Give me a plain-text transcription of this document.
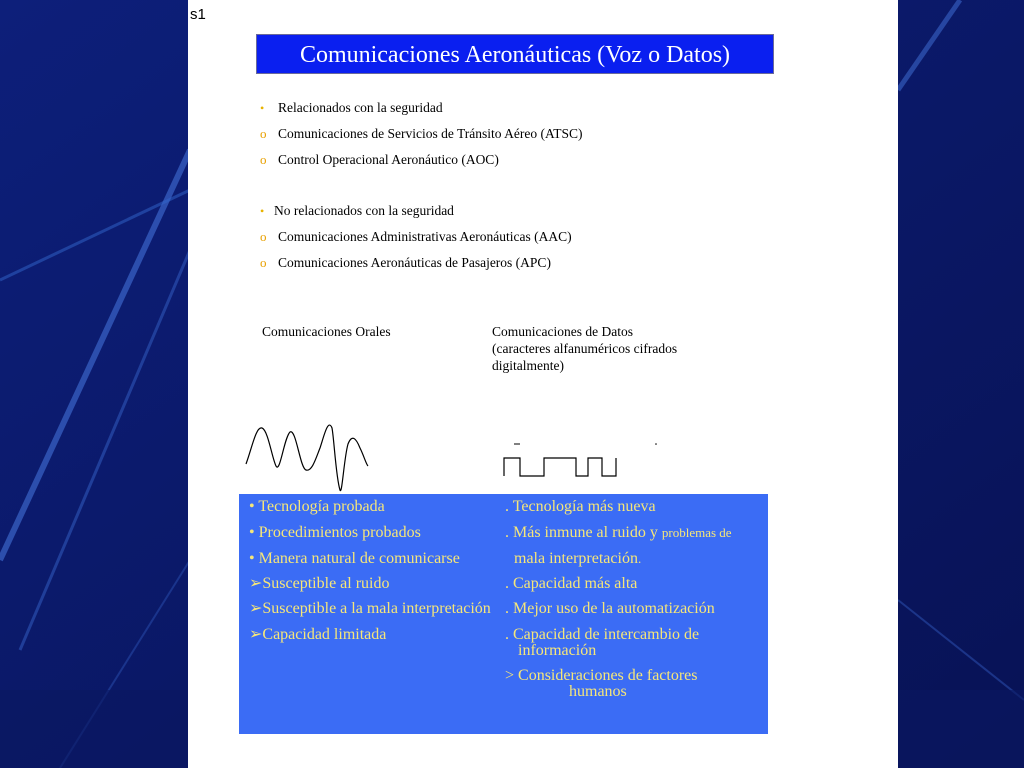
s1
Comunicaciones Aeronáuticas (Voz o Datos)
•	Relacionados con la seguridad
o Comunicaciones de Servicios de Tránsito Aéreo (ATSC)
o Control Operacional Aeronáutico (AOC)
• No relacionados con la seguridad
o Comunicaciones Administrativas Aeronáuticas (AAC)
o Comunicaciones Aeronáuticas de Pasajeros (APC)
Comunicaciones Orales	Comunicaciones de Datos
(caracteres alfanuméricos cifrados
digitalmente)
• Tecnología probada
• Procedimientos probados
• Manera natural de comunicarse
➢Susceptible al ruido
➢Susceptible a la mala interpretación
➢Capacidad limitada
. Tecnología más nueva
. Más inmune al ruido y problemas de
mala interpretación.
. Capacidad más alta
. Mejor uso de la automatización
. Capacidad de intercambio de
información
> Consideraciones de factores
humanos
